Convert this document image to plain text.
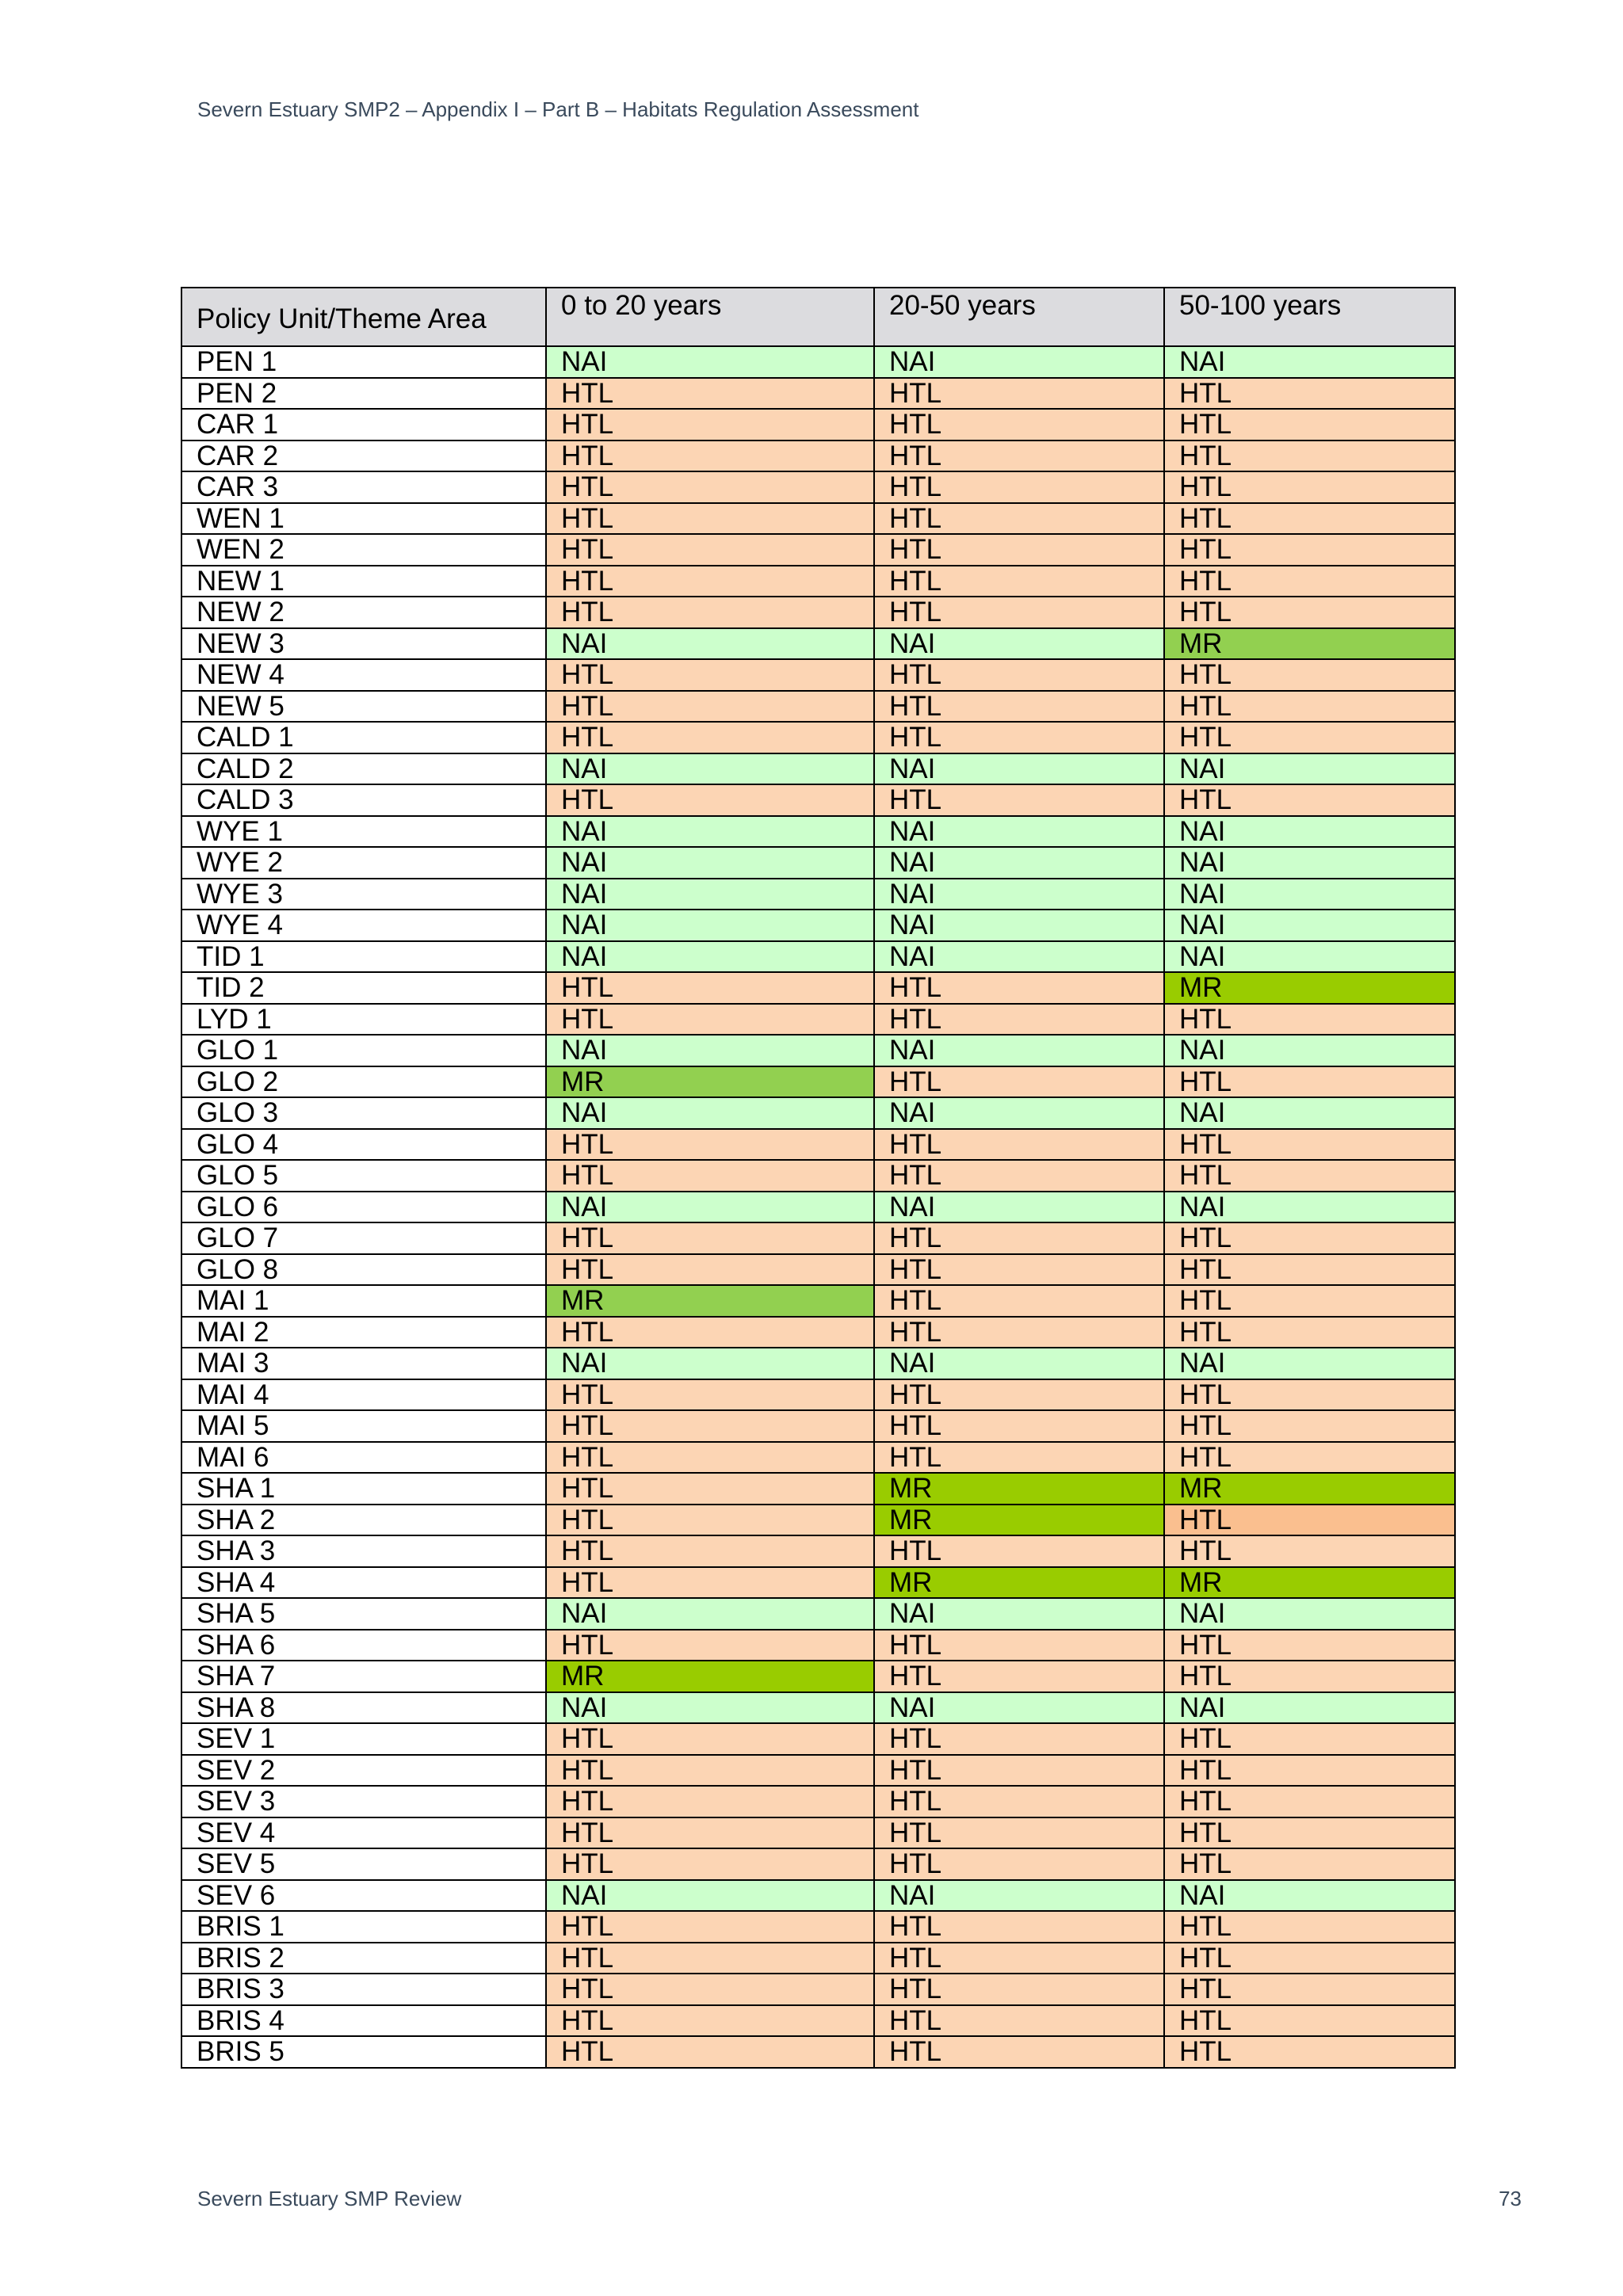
Severn Estuary SMP2 – Appendix I – Part B – Habitats Regulation Assessment
Policy Unit/Theme Area	0 to 20 years	20-50 years	50-100 years
PEN 1	NAI	NAI	NAI
PEN 2	HTL	HTL	HTL
CAR 1	HTL	HTL	HTL
CAR 2	HTL	HTL	HTL
CAR 3	HTL	HTL	HTL
WEN 1	HTL	HTL	HTL
WEN 2	HTL	HTL	HTL
NEW 1	HTL	HTL	HTL
NEW 2	HTL	HTL	HTL
NEW 3	NAI	NAI	MR
NEW 4	HTL	HTL	HTL
NEW 5	HTL	HTL	HTL
CALD 1	HTL	HTL	HTL
CALD 2	NAI	NAI	NAI
CALD 3	HTL	HTL	HTL
WYE 1	NAI	NAI	NAI
WYE 2	NAI	NAI	NAI
WYE 3	NAI	NAI	NAI
WYE 4	NAI	NAI	NAI
TID 1	NAI	NAI	NAI
TID 2	HTL	HTL	MR
LYD 1	HTL	HTL	HTL
GLO 1	NAI	NAI	NAI
GLO 2	MR	HTL	HTL
GLO 3	NAI	NAI	NAI
GLO 4	HTL	HTL	HTL
GLO 5	HTL	HTL	HTL
GLO 6	NAI	NAI	NAI
GLO 7	HTL	HTL	HTL
GLO 8	HTL	HTL	HTL
MAI 1	MR	HTL	HTL
MAI 2	HTL	HTL	HTL
MAI 3	NAI	NAI	NAI
MAI 4	HTL	HTL	HTL
MAI 5	HTL	HTL	HTL
MAI 6	HTL	HTL	HTL
SHA 1	HTL	MR	MR
SHA 2	HTL	MR	HTL
SHA 3	HTL	HTL	HTL
SHA 4	HTL	MR	MR
SHA 5	NAI	NAI	NAI
SHA 6	HTL	HTL	HTL
SHA 7	MR	HTL	HTL
SHA 8	NAI	NAI	NAI
SEV 1	HTL	HTL	HTL
SEV 2	HTL	HTL	HTL
SEV 3	HTL	HTL	HTL
SEV 4	HTL	HTL	HTL
SEV 5	HTL	HTL	HTL
SEV 6	NAI	NAI	NAI
BRIS 1	HTL	HTL	HTL
BRIS 2	HTL	HTL	HTL
BRIS 3	HTL	HTL	HTL
BRIS 4	HTL	HTL	HTL
BRIS 5	HTL	HTL	HTL
Severn Estuary SMP Review	73
